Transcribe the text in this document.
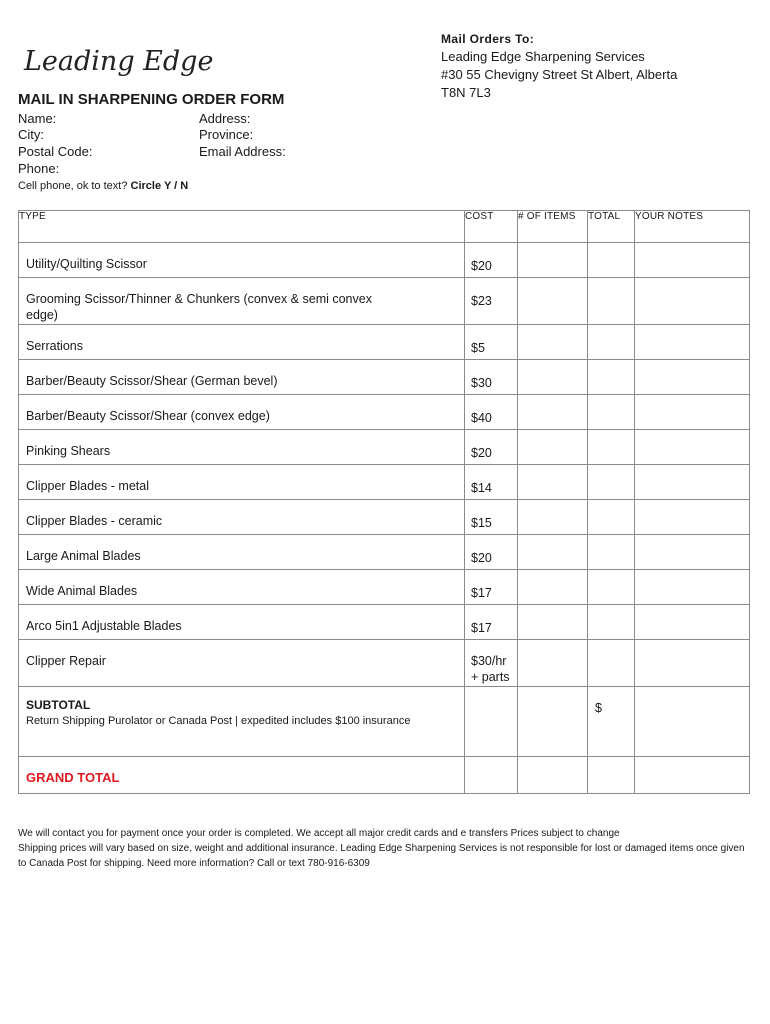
Leading Edge
Mail Orders To:
Leading Edge Sharpening Services
#30 55 Chevigny Street St Albert, Alberta
T8N 7L3
MAIL IN SHARPENING ORDER FORM
Name:
City:
Postal Code:
Phone:
Address:
Province:
Email Address:
Cell phone, ok to text? Circle Y / N
TYPE	COST	# OF ITEMS	TOTAL	YOUR NOTES

Utility/Quilting Scissor	$20			

Grooming Scissor/Thinner & Chunkers (convex & semi convex edge)	$23			

Serrations	$5			

Barber/Beauty Scissor/Shear (German bevel)	$30			

Barber/Beauty Scissor/Shear (convex edge)	$40			

Pinking Shears	$20			

Clipper Blades - metal	$14			

Clipper Blades - ceramic	$15			

Large Animal Blades	$20			

Wide Animal Blades	$17			

Arco 5in1 Adjustable Blades	$17			

Clipper Repair	$30/hr + parts			

SUBTOTAL
Return Shipping Purolator or Canada Post | expedited includes $100 insurance			$	

GRAND TOTAL				

We will contact you for payment once your order is completed. We accept all major credit cards and e transfers Prices subject to change
Shipping prices will vary based on size, weight and additional insurance. Leading Edge Sharpening Services is not responsible for lost or damaged items once given
to Canada Post for shipping. Need more information? Call or text 780-916-6309
